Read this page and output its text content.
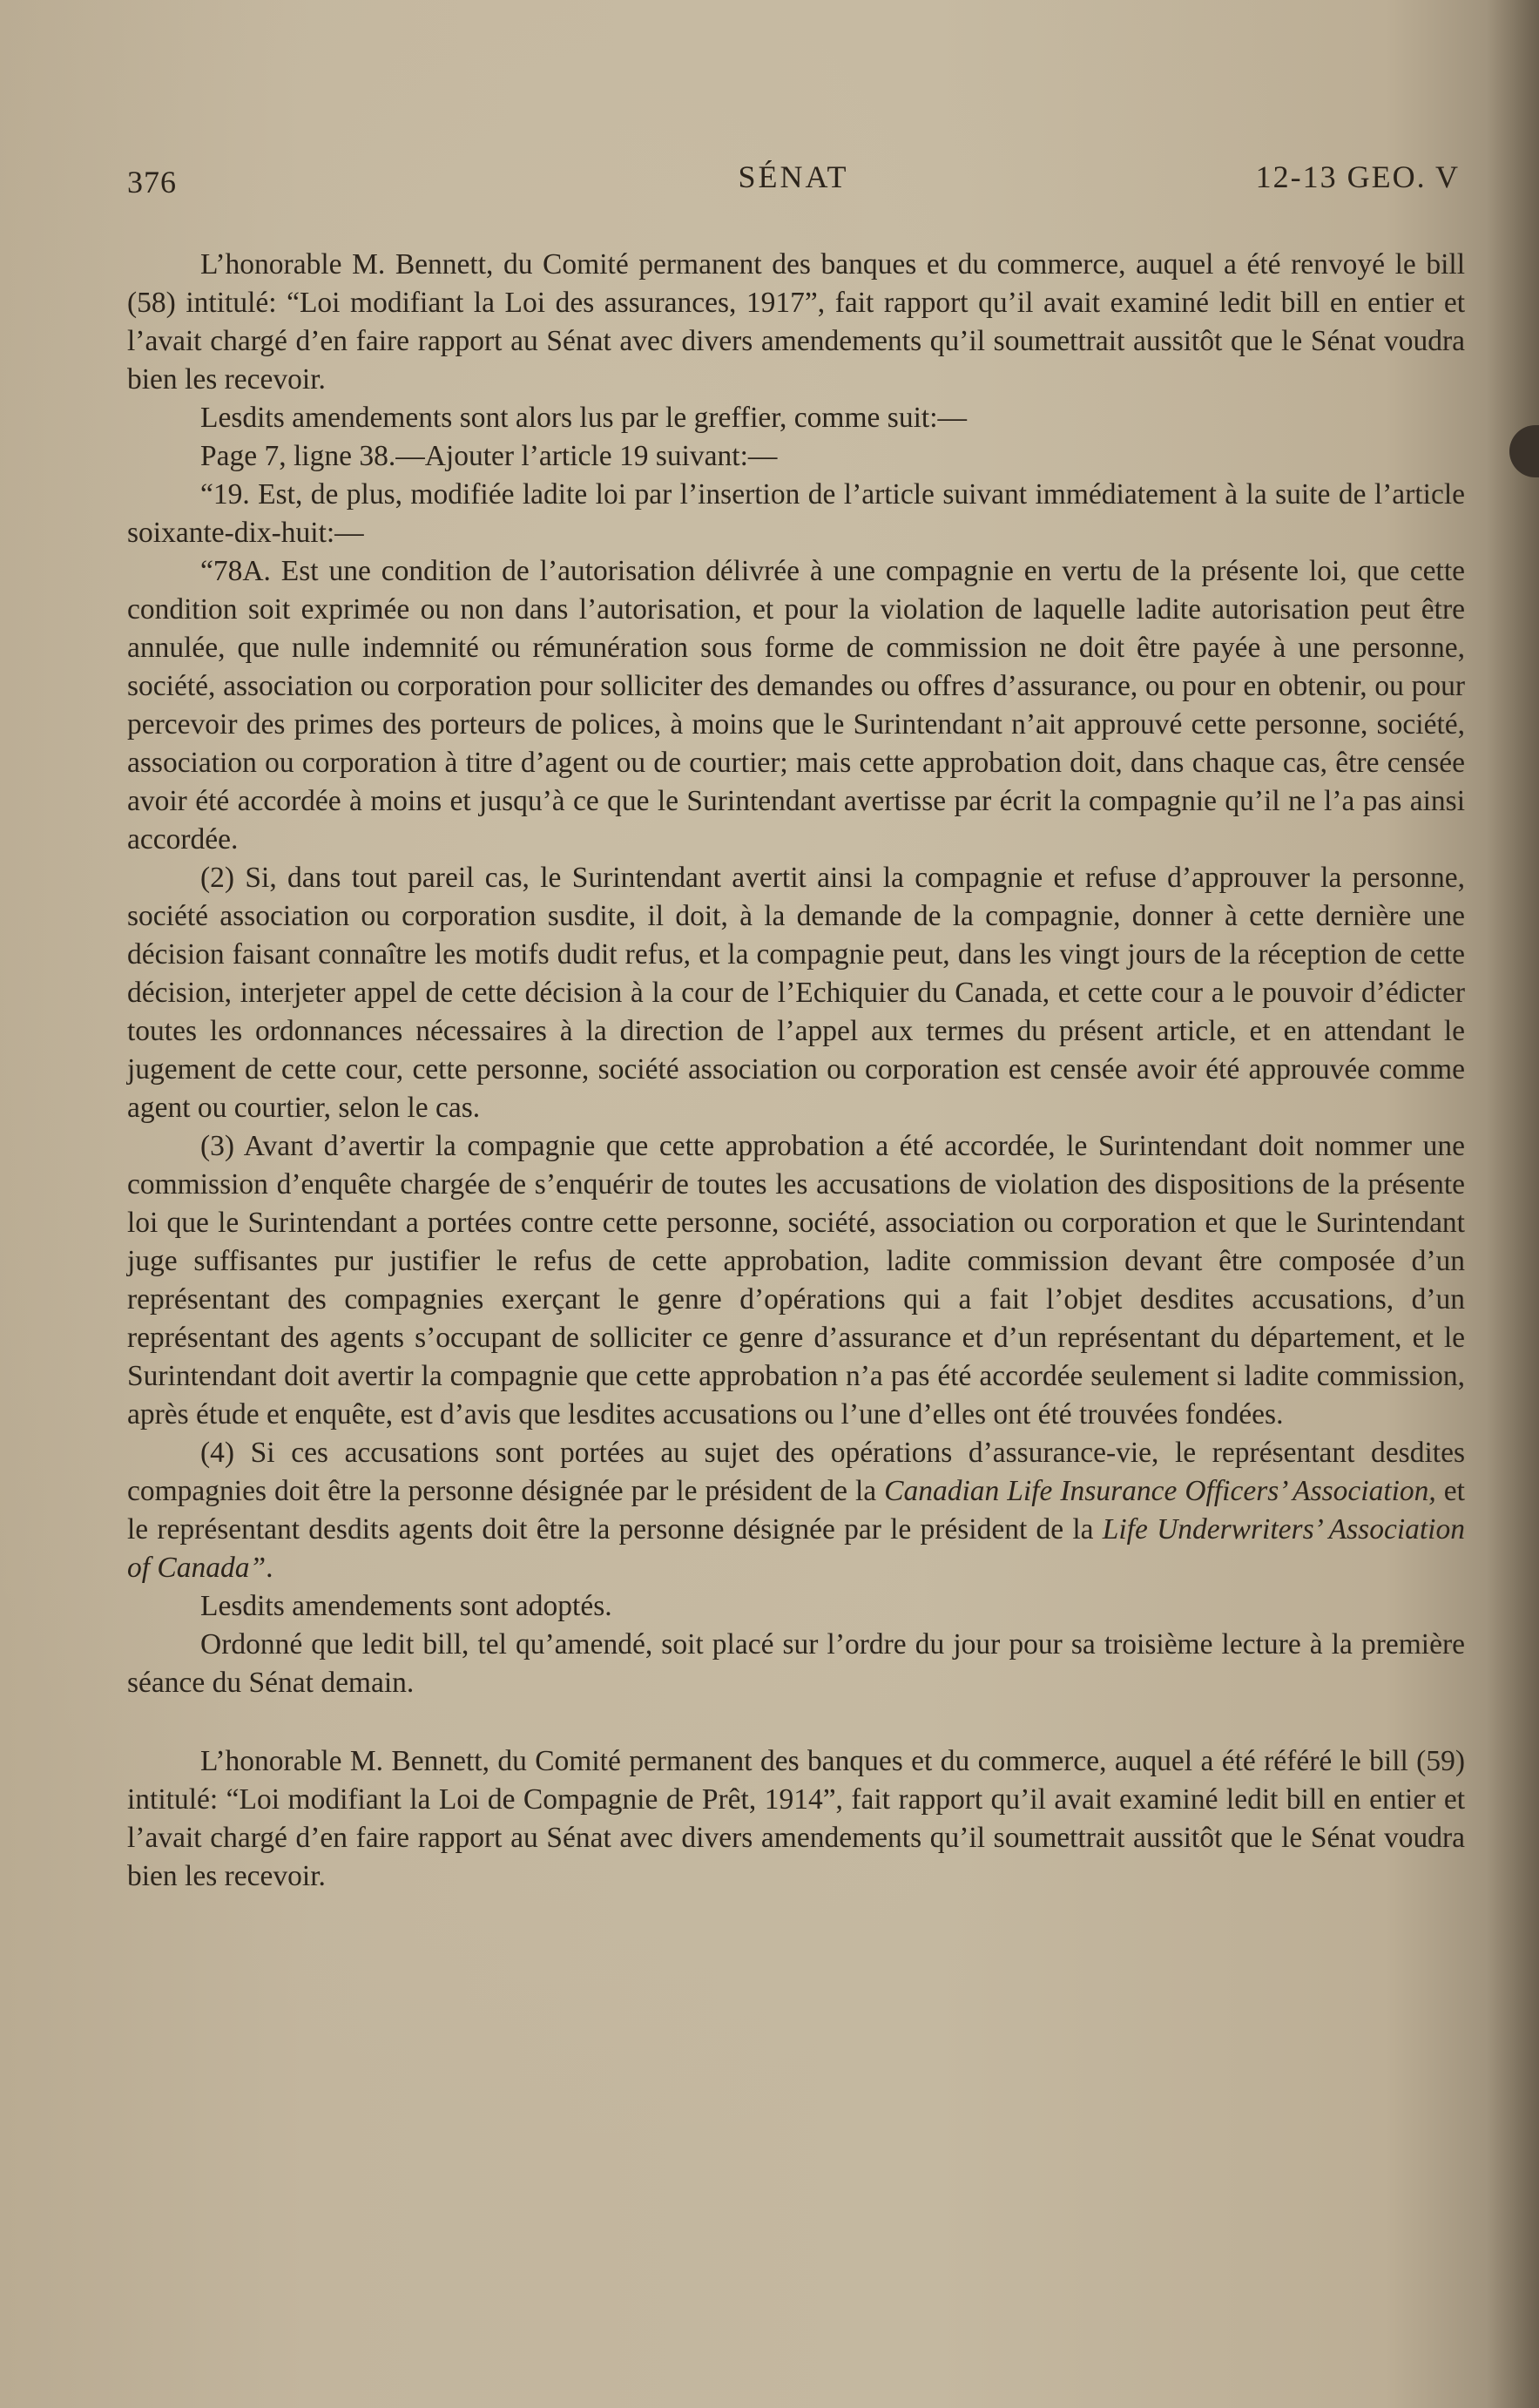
376	SÉNAT	12-13 GEO. V

L’honorable M. Bennett, du Comité permanent des banques et du commerce, auquel a été renvoyé le bill (58) intitulé: “Loi modifiant la Loi des assurances, 1917”, fait rapport qu’il avait examiné ledit bill en entier et l’avait chargé d’en faire rapport au Sénat avec divers amendements qu’il soumettrait aussitôt que le Sénat voudra bien les recevoir.

Lesdits amendements sont alors lus par le greffier, comme suit:—

Page 7, ligne 38.—Ajouter l’article 19 suivant:—

“19. Est, de plus, modifiée ladite loi par l’insertion de l’article suivant immédiatement à la suite de l’article soixante-dix-huit:—

“78A. Est une condition de l’autorisation délivrée à une compagnie en vertu de la présente loi, que cette condition soit exprimée ou non dans l’autorisation, et pour la violation de laquelle ladite autorisation peut être annulée, que nulle indemnité ou rémunération sous forme de commission ne doit être payée à une personne, société, association ou corporation pour solliciter des demandes ou offres d’assurance, ou pour en obtenir, ou pour percevoir des primes des porteurs de polices, à moins que le Surintendant n’ait approuvé cette personne, société, association ou corporation à titre d’agent ou de courtier; mais cette approbation doit, dans chaque cas, être censée avoir été accordée à moins et jusqu’à ce que le Surintendant avertisse par écrit la compagnie qu’il ne l’a pas ainsi accordée.

(2) Si, dans tout pareil cas, le Surintendant avertit ainsi la compagnie et refuse d’approuver la personne, société association ou corporation susdite, il doit, à la demande de la compagnie, donner à cette dernière une décision faisant connaître les motifs dudit refus, et la compagnie peut, dans les vingt jours de la réception de cette décision, interjeter appel de cette décision à la cour de l’Echiquier du Canada, et cette cour a le pouvoir d’édicter toutes les ordonnances nécessaires à la direction de l’appel aux termes du présent article, et en attendant le jugement de cette cour, cette personne, société association ou corporation est censée avoir été approuvée comme agent ou courtier, selon le cas.

(3) Avant d’avertir la compagnie que cette approbation a été accordée, le Surintendant doit nommer une commission d’enquête chargée de s’enquérir de toutes les accusations de violation des dispositions de la présente loi que le Surintendant a portées contre cette personne, société, association ou corporation et que le Surintendant juge suffisantes pur justifier le refus de cette approbation, ladite commission devant être composée d’un représentant des compagnies exerçant le genre d’opérations qui a fait l’objet desdites accusations, d’un représentant des agents s’occupant de solliciter ce genre d’assurance et d’un représentant du département, et le Surintendant doit avertir la compagnie que cette approbation n’a pas été accordée seulement si ladite commission, après étude et enquête, est d’avis que lesdites accusations ou l’une d’elles ont été trouvées fondées.

(4) Si ces accusations sont portées au sujet des opérations d’assurance-vie, le représentant desdites compagnies doit être la personne désignée par le président de la Canadian Life Insurance Officers’ Association, et le représentant desdits agents doit être la personne désignée par le président de la Life Underwriters’ Association of Canada”.

Lesdits amendements sont adoptés.

Ordonné que ledit bill, tel qu’amendé, soit placé sur l’ordre du jour pour sa troisième lecture à la première séance du Sénat demain.

L’honorable M. Bennett, du Comité permanent des banques et du commerce, auquel a été référé le bill (59) intitulé: “Loi modifiant la Loi de Compagnie de Prêt, 1914”, fait rapport qu’il avait examiné ledit bill en entier et l’avait chargé d’en faire rapport au Sénat avec divers amendements qu’il soumettrait aussitôt que le Sénat voudra bien les recevoir.
